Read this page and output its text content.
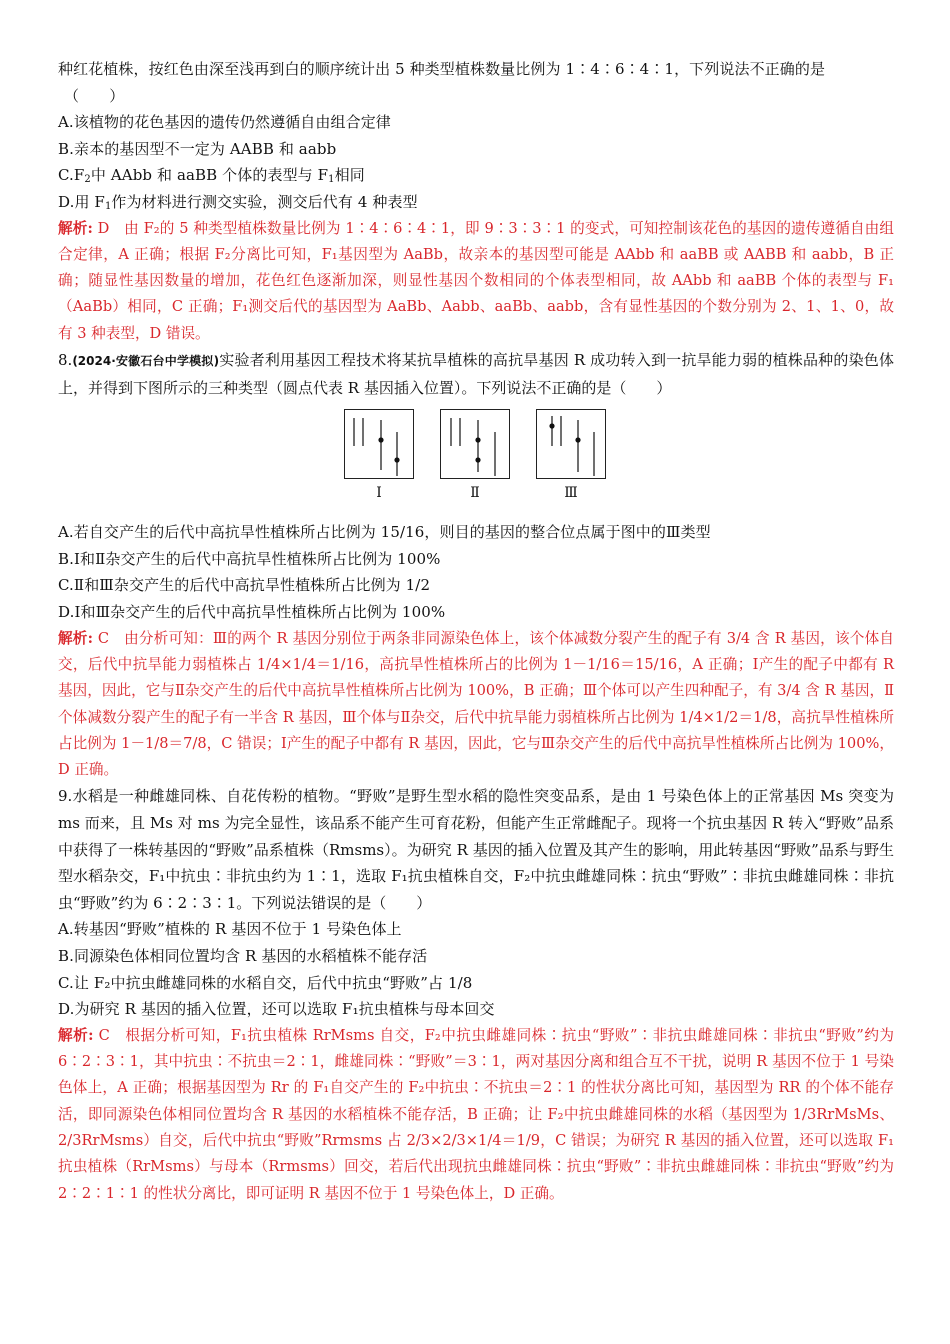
种红花植株，按红色由深至浅再到白的顺序统计出 5 种类型植株数量比例为 1∶4∶6∶4∶1，下列说法不正确的是
（　　）
A.该植物的花色基因的遗传仍然遵循自由组合定律
B.亲本的基因型不一定为 AABB 和 aabb
$C.F_2$中 AAbb 和 aaBB 个体的表型与 $F_1$相同
D.用 $F_1$作为材料进行测交实验，测交后代有 4 种表型
解析: D　由 F₂的 5 种类型植株数量比例为 1∶4∶6∶4∶1，即 9∶3∶3∶1 的变式，可知控制该花色的基因的遗传遵循自由组合定律，A 正确；根据 F₂分离比可知，F₁基因型为 AaBb，故亲本的基因型可能是 AAbb 和 aaBB 或 AABB 和 aabb，B 正确；随显性基因数量的增加，花色红色逐渐加深，则显性基因个数相同的个体表型相同，故 AAbb 和 aaBB 个体的表型与 F₁（AaBb）相同，C 正确；F₁测交后代的基因型为 AaBb、Aabb、aaBb、aabb，含有显性基因的个数分别为 2、1、1、0，故有 3 种表型，D 错误。
8.(2024·安徽石台中学模拟)实验者利用基因工程技术将某抗旱植株的高抗旱基因 R 成功转入到一抗旱能力弱的植株品种的染色体上，并得到下图所示的三种类型（圆点代表 R 基因插入位置）。下列说法不正确的是（　　）
Ⅰ	Ⅱ	Ⅲ
A.若自交产生的后代中高抗旱性植株所占比例为 15/16，则目的基因的整合位点属于图中的Ⅲ类型
B.Ⅰ和Ⅱ杂交产生的后代中高抗旱性植株所占比例为 100%
C.Ⅱ和Ⅲ杂交产生的后代中高抗旱性植株所占比例为 1/2
D.Ⅰ和Ⅲ杂交产生的后代中高抗旱性植株所占比例为 100%
解析: C　由分析可知：Ⅲ的两个 R 基因分别位于两条非同源染色体上，该个体减数分裂产生的配子有 3/4 含 R 基因，该个体自交，后代中抗旱能力弱植株占 1/4×1/4＝1/16，高抗旱性植株所占的比例为 1－1/16＝15/16，A 正确；Ⅰ产生的配子中都有 R 基因，因此，它与Ⅱ杂交产生的后代中高抗旱性植株所占比例为 100%，B 正确；Ⅲ个体可以产生四种配子，有 3/4 含 R 基因，Ⅱ个体减数分裂产生的配子有一半含 R 基因，Ⅲ个体与Ⅱ杂交，后代中抗旱能力弱植株所占比例为 1/4×1/2＝1/8，高抗旱性植株所占比例为 1－1/8＝7/8，C 错误；Ⅰ产生的配子中都有 R 基因，因此，它与Ⅲ杂交产生的后代中高抗旱性植株所占比例为 100%，D 正确。
9.水稻是一种雌雄同株、自花传粉的植物。“野败”是野生型水稻的隐性突变品系，是由 1 号染色体上的正常基因 Ms 突变为 ms 而来，且 Ms 对 ms 为完全显性，该品系不能产生可育花粉，但能产生正常雌配子。现将一个抗虫基因 R 转入“野败”品系中获得了一株转基因的“野败”品系植株（Rmsms）。为研究 R 基因的插入位置及其产生的影响，用此转基因“野败”品系与野生型水稻杂交，F₁中抗虫∶非抗虫约为 1∶1，选取 F₁抗虫植株自交，F₂中抗虫雌雄同株∶抗虫“野败”∶非抗虫雌雄同株∶非抗虫“野败”约为 6∶2∶3∶1。下列说法错误的是（　　）
A.转基因“野败”植株的 R 基因不位于 1 号染色体上
B.同源染色体相同位置均含 R 基因的水稻植株不能存活
C.让 F₂中抗虫雌雄同株的水稻自交，后代中抗虫“野败”占 1/8
D.为研究 R 基因的插入位置，还可以选取 F₁抗虫植株与母本回交
解析: C　根据分析可知，F₁抗虫植株 RrMsms 自交，F₂中抗虫雌雄同株∶抗虫“野败”∶非抗虫雌雄同株∶非抗虫“野败”约为 6∶2∶3∶1，其中抗虫∶不抗虫＝2∶1，雌雄同株∶“野败”＝3∶1，两对基因分离和组合互不干扰，说明 R 基因不位于 1 号染色体上，A 正确；根据基因型为 Rr 的 F₁自交产生的 F₂中抗虫∶不抗虫＝2∶1 的性状分离比可知，基因型为 RR 的个体不能存活，即同源染色体相同位置均含 R 基因的水稻植株不能存活，B 正确；让 F₂中抗虫雌雄同株的水稻（基因型为 1/3RrMsMs、2/3RrMsms）自交，后代中抗虫“野败”Rrmsms 占 2/3×2/3×1/4＝1/9，C 错误；为研究 R 基因的插入位置，还可以选取 F₁抗虫植株（RrMsms）与母本（Rrmsms）回交，若后代出现抗虫雌雄同株∶抗虫“野败”∶非抗虫雌雄同株∶非抗虫“野败”约为 2∶2∶1∶1 的性状分离比，即可证明 R 基因不位于 1 号染色体上，D 正确。
